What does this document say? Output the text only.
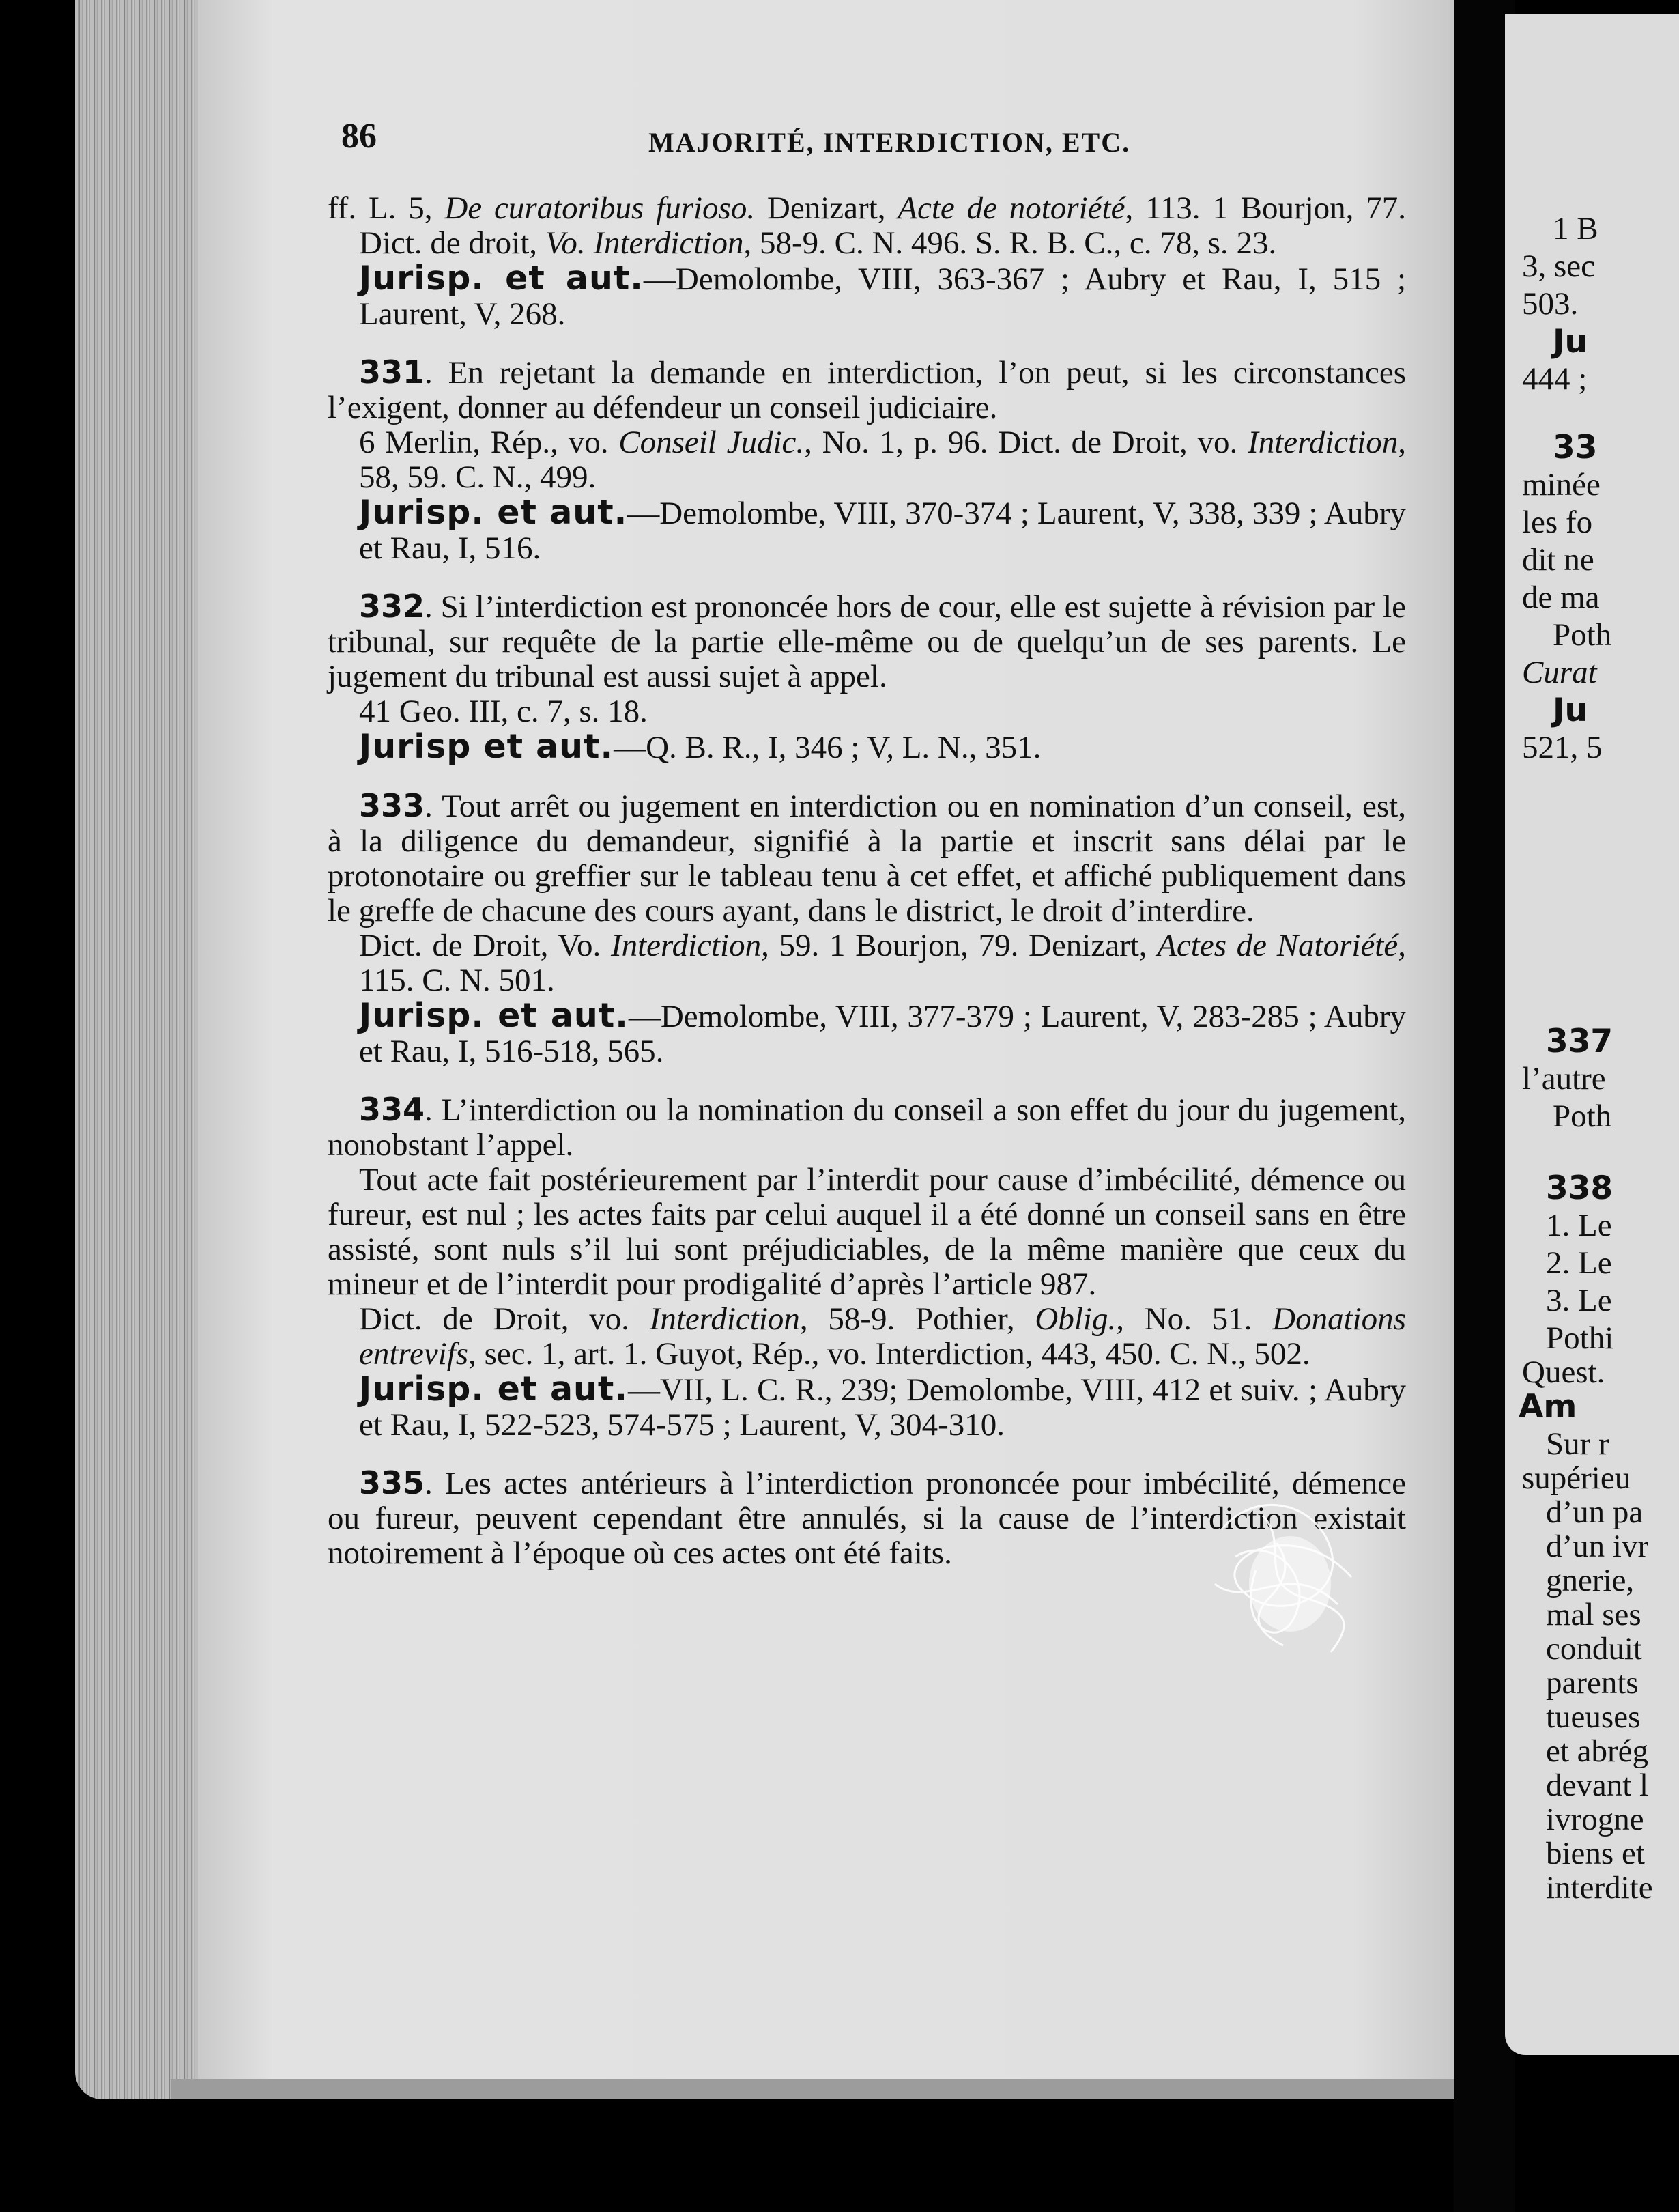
86	MAJORITÉ, INTERDICTION, ETC.

ff. L. 5, De curatoribus furioso. Denizart, Acte de notoriété, 113. 1 Bourjon, 77. Dict. de droit, Vo. Interdiction, 58-9. C. N. 496. S. R. B. C., c. 78, s. 23.

Jurisp. et aut.—Demolombe, VIII, 363-367 ; Aubry et Rau, I, 515 ; Laurent, V, 268.

331. En rejetant la demande en interdiction, l’on peut, si les circonstances l’exigent, donner au défendeur un conseil judiciaire.

6 Merlin, Rép., vo. Conseil Judic., No. 1, p. 96. Dict. de Droit, vo. Interdiction, 58, 59. C. N., 499.

Jurisp. et aut.—Demolombe, VIII, 370-374 ; Laurent, V, 338, 339 ; Aubry et Rau, I, 516.

332. Si l’interdiction est prononcée hors de cour, elle est sujette à révision par le tribunal, sur requête de la partie elle-même ou de quelqu’un de ses parents. Le jugement du tribunal est aussi sujet à appel.

41 Geo. III, c. 7, s. 18.

Jurisp et aut.—Q. B. R., I, 346 ; V, L. N., 351.

333. Tout arrêt ou jugement en interdiction ou en nomination d’un conseil, est, à la diligence du demandeur, signifié à la partie et inscrit sans délai par le protonotaire ou greffier sur le tableau tenu à cet effet, et affiché publiquement dans le greffe de chacune des cours ayant, dans le district, le droit d’interdire.

Dict. de Droit, Vo. Interdiction, 59. 1 Bourjon, 79. Denizart, Actes de Natoriété, 115. C. N. 501.

Jurisp. et aut.—Demolombe, VIII, 377-379 ; Laurent, V, 283-285 ; Aubry et Rau, I, 516-518, 565.

334. L’interdiction ou la nomination du conseil a son effet du jour du jugement, nonobstant l’appel.

Tout acte fait postérieurement par l’interdit pour cause d’imbécilité, démence ou fureur, est nul ; les actes faits par celui auquel il a été donné un conseil sans en être assisté, sont nuls s’il lui sont préjudiciables, de la même manière que ceux du mineur et de l’interdit pour prodigalité d’après l’article 987.

Dict. de Droit, vo. Interdiction, 58-9. Pothier, Oblig., No. 51. Donations entrevifs, sec. 1, art. 1. Guyot, Rép., vo. Interdiction, 443, 450. C. N., 502.

Jurisp. et aut.—VII, L. C. R., 239; Demolombe, VIII, 412 et suiv. ; Aubry et Rau, I, 522-523, 574-575 ; Laurent, V, 304-310.

335. Les actes antérieurs à l’interdiction prononcée pour imbécilité, démence ou fureur, peuvent cependant être annulés, si la cause de l’interdiction existait notoirement à l’époque où ces actes ont été faits.

1 B
3, sec
503.
Ju
444 ;
33
minée
les fo
dit ne
de ma
Poth
Curat
Ju
521, 5
337
l’autre
Poth
338
1. Le
2. Le
3. Le
Pothi
Quest.
Am
Sur r
supérieu
d’un pa
d’un ivr
gnerie,
mal ses
conduit
parents
tueuses
et abrég
devant l
ivrogne
biens et
interdite
